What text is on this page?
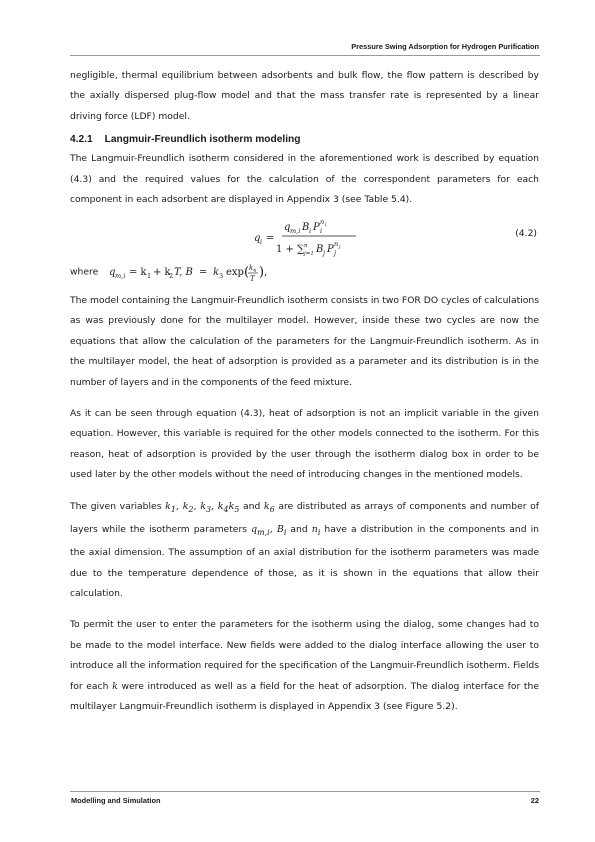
Pressure Swing Adsorption for Hydrogen Purification

negligible, thermal equilibrium between adsorbents and bulk flow, the flow pattern is described by the axially dispersed plug-flow model and that the mass transfer rate is represented by a linear driving force (LDF) model.

4.2.1 Langmuir-Freundlich isotherm modeling

The Langmuir-Freundlich isotherm considered in the aforementioned work is described by equation (4.3) and the required values for the calculation of the correspondent parameters for each component in each adsorbent are displayed in Appendix 3 (see Table 5.4).

q i =
q m,i B i P i
n i
1 + ∑ j=1
n B j P j
n j
(4.2)
where q m,i = k 1 + k
2 T, B = k 3 exp ( k 4
T ) ,

The model containing the Langmuir-Freundlich isotherm consists in two FOR DO cycles of calculations as was previously done for the multilayer model. However, inside these two cycles are now the equations that allow the calculation of the parameters for the Langmuir-Freundlich isotherm. As in the multilayer model, the heat of adsorption is provided as a parameter and its distribution is in the number of layers and in the components of the feed mixture.

As it can be seen through equation (4.3), heat of adsorption is not an implicit variable in the given equation. However, this variable is required for the other models connected to the isotherm. For this reason, heat of adsorption is provided by the user through the isotherm dialog box in order to be used later by the other models without the need of introducing changes in the mentioned models.

The given variables $k_1$, $k_2$, $k_3$, $k_4k_5$ and $k_6$ are distributed as arrays of components and number of layers while the isotherm parameters $q_{m,i}$, $B_i$ and $n_i$ have a distribution in the components and in the axial dimension. The assumption of an axial distribution for the isotherm parameters was made due to the temperature dependence of those, as it is shown in the equations that allow their calculation.

To permit the user to enter the parameters for the isotherm using the dialog, some changes had to be made to the model interface. New fields were added to the dialog interface allowing the user to introduce all the information required for the specification of the Langmuir-Freundlich isotherm. Fields for each k were introduced as well as a field for the heat of adsorption. The dialog interface for the multilayer Langmuir-Freundlich isotherm is displayed in Appendix 3 (see Figure 5.2).

Modelling and Simulation	22
